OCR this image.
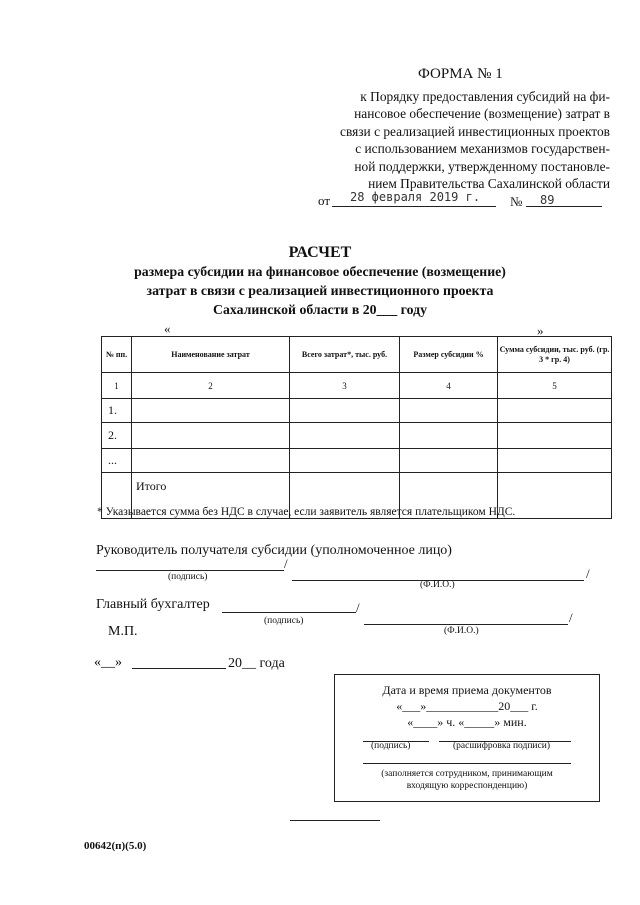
ФОРМА № 1
к Порядку предоставления субсидий на фи-
нансовое обеспечение (возмещение) затрат в
связи с реализацией инвестиционных проектов
с использованием механизмов государствен-
ной поддержки, утвержденному постановле-
нием Правительства Сахалинской области
от 28 февраля 2019 г. № 89
РАСЧЕТ
размера субсидии на финансовое обеспечение (возмещение)
затрат в связи с реализацией инвестиционного проекта
Сахалинской области в 20___ году
«	»
№ пп.	Наименование затрат	Всего затрат*, тыс. руб.	Размер субсидии %	Сумма субсидии, тыс. руб. (гр. 3 * гр. 4)
1	2	3	4	5
1.				
2.				
...				
	Итого			
* Указывается сумма без НДС в случае, если заявитель является плательщиком НДС.
Руководитель получателя субсидии (уполномоченное лицо)
/
/
(подпись)
(Ф.И.О.)
Главный бухгалтер	/
/
(подпись)
(Ф.И.О.)
М.П.
«__»	20__ года
Дата и время приема документов
«___»____________20___ г.
«____» ч. «_____» мин.
(подпись)	(расшифровка подписи)
(заполняется сотрудником, принимающим
входящую корреспонденцию)
00642(п)(5.0)
